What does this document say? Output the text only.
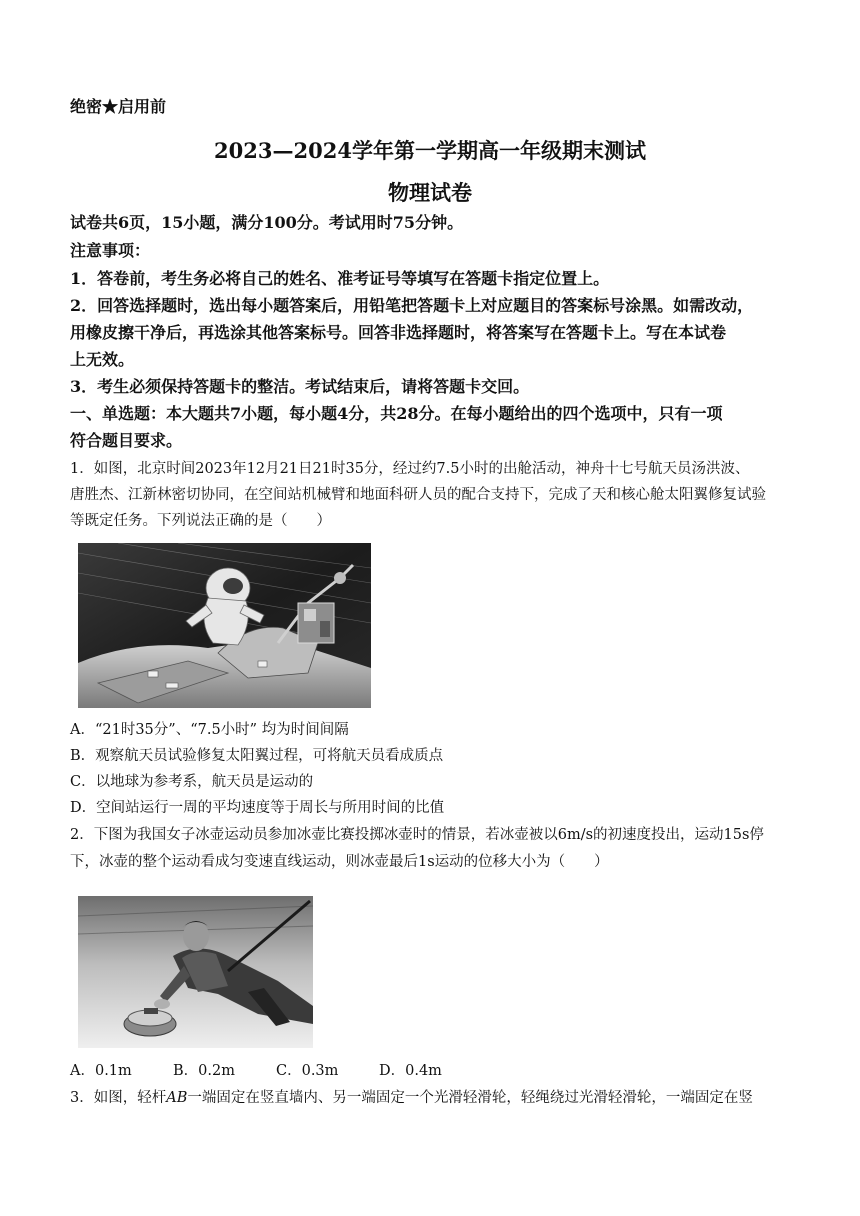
绝密★启用前
2023—2024学年第一学期高一年级期末测试
物理试卷
试卷共6页，15小题，满分100分。考试用时75分钟。
注意事项：
1．答卷前，考生务必将自己的姓名、准考证号等填写在答题卡指定位置上。
2．回答选择题时，选出每小题答案后，用铅笔把答题卡上对应题目的答案标号涂黑。如需改动，
用橡皮擦干净后，再选涂其他答案标号。回答非选择题时，将答案写在答题卡上。写在本试卷
上无效。
3．考生必须保持答题卡的整洁。考试结束后，请将答题卡交回。
一、单选题：本大题共7小题，每小题4分，共28分。在每小题给出的四个选项中，只有一项
符合题目要求。
1．如图，北京时间2023年12月21日21时35分，经过约7.5小时的出舱活动，神舟十七号航天员汤洪波、
唐胜杰、江新林密切协同，在空间站机械臂和地面科研人员的配合支持下，完成了天和核心舱太阳翼修复试验
等既定任务。下列说法正确的是（　　）
A．“21时35分”、“7.5小时” 均为时间间隔
B．观察航天员试验修复太阳翼过程，可将航天员看成质点
C．以地球为参考系，航天员是运动的
D．空间站运行一周的平均速度等于周长与所用时间的比值
2．下图为我国女子冰壶运动员参加冰壶比赛投掷冰壶时的情景，若冰壶被以6m/s的初速度投出，运动15s停
下，冰壶的整个运动看成匀变速直线运动，则冰壶最后1s运动的位移大小为（　　）
A．0.1m	B．0.2m	C．0.3m	D．0.4m
3．如图，轻杆AB一端固定在竖直墙内、另一端固定一个光滑轻滑轮，轻绳绕过光滑轻滑轮，一端固定在竖
